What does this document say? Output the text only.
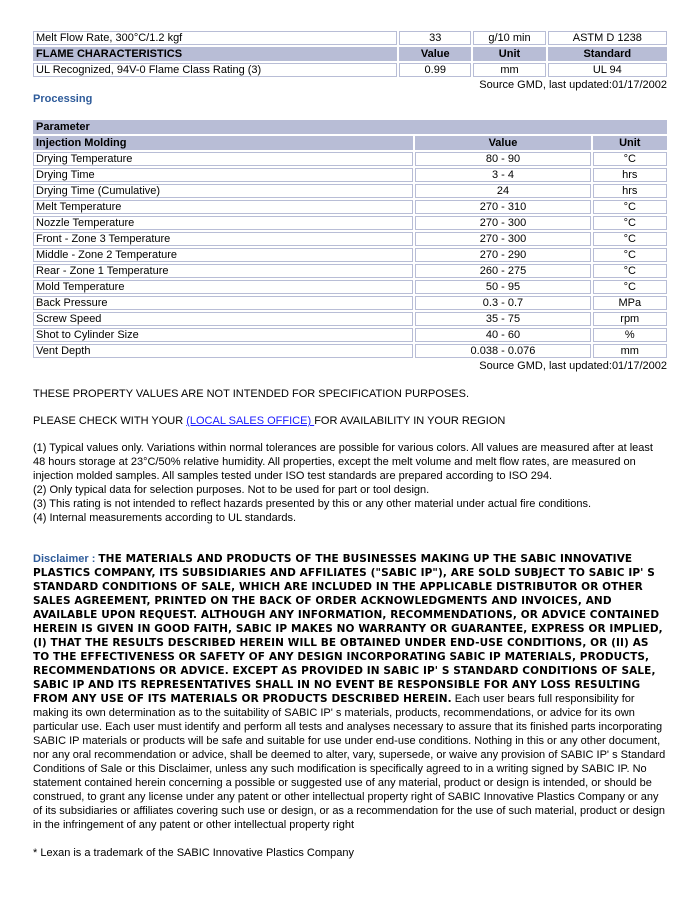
Melt Flow Rate, 300°C/1.2 kgf	33	g/10 min	ASTM D 1238
FLAME CHARACTERISTICS	Value	Unit	Standard
UL Recognized, 94V-0 Flame Class Rating (3)	0.99	mm	UL 94
Source GMD, last updated:01/17/2002
Processing
Parameter		
Injection Molding	Value	Unit
Drying Temperature	80 - 90	°C
Drying Time	3 - 4	hrs
Drying Time (Cumulative)	24	hrs
Melt Temperature	270 - 310	°C
Nozzle Temperature	270 - 300	°C
Front - Zone 3 Temperature	270 - 300	°C
Middle - Zone 2 Temperature	270 - 290	°C
Rear - Zone 1 Temperature	260 - 275	°C
Mold Temperature	50 - 95	°C
Back Pressure	0.3 - 0.7	MPa
Screw Speed	35 - 75	rpm
Shot to Cylinder Size	40 - 60	%
Vent Depth	0.038 - 0.076	mm
Source GMD, last updated:01/17/2002
THESE PROPERTY VALUES ARE NOT INTENDED FOR SPECIFICATION PURPOSES.
PLEASE CHECK WITH YOUR (LOCAL SALES OFFICE) FOR AVAILABILITY IN YOUR REGION
(1) Typical values only. Variations within normal tolerances are possible for various colors. All values are measured after at least 48 hours storage at 23°C/50% relative humidity. All properties, except the melt volume and melt flow rates, are measured on injection molded samples. All samples tested under ISO test standards are prepared according to ISO 294.
(2) Only typical data for selection purposes. Not to be used for part or tool design.
(3) This rating is not intended to reflect hazards presented by this or any other material under actual fire conditions.
(4) Internal measurements according to UL standards.
Disclaimer : THE MATERIALS AND PRODUCTS OF THE BUSINESSES MAKING UP THE SABIC INNOVATIVE PLASTICS COMPANY, ITS SUBSIDIARIES AND AFFILIATES ("SABIC IP"), ARE SOLD SUBJECT TO SABIC IP' S STANDARD CONDITIONS OF SALE, WHICH ARE INCLUDED IN THE APPLICABLE DISTRIBUTOR OR OTHER SALES AGREEMENT, PRINTED ON THE BACK OF ORDER ACKNOWLEDGMENTS AND INVOICES, AND AVAILABLE UPON REQUEST. ALTHOUGH ANY INFORMATION, RECOMMENDATIONS, OR ADVICE CONTAINED HEREIN IS GIVEN IN GOOD FAITH, SABIC IP MAKES NO WARRANTY OR GUARANTEE, EXPRESS OR IMPLIED, (I) THAT THE RESULTS DESCRIBED HEREIN WILL BE OBTAINED UNDER END-USE CONDITIONS, OR (II) AS TO THE EFFECTIVENESS OR SAFETY OF ANY DESIGN INCORPORATING SABIC IP MATERIALS, PRODUCTS, RECOMMENDATIONS OR ADVICE. EXCEPT AS PROVIDED IN SABIC IP' S STANDARD CONDITIONS OF SALE, SABIC IP AND ITS REPRESENTATIVES SHALL IN NO EVENT BE RESPONSIBLE FOR ANY LOSS RESULTING FROM ANY USE OF ITS MATERIALS OR PRODUCTS DESCRIBED HEREIN. Each user bears full responsibility for making its own determination as to the suitability of SABIC IP' s materials, products, recommendations, or advice for its own particular use. Each user must identify and perform all tests and analyses necessary to assure that its finished parts incorporating SABIC IP materials or products will be safe and suitable for use under end-use conditions. Nothing in this or any other document, nor any oral recommendation or advice, shall be deemed to alter, vary, supersede, or waive any provision of SABIC IP' s Standard Conditions of Sale or this Disclaimer, unless any such modification is specifically agreed to in a writing signed by SABIC IP. No statement contained herein concerning a possible or suggested use of any material, product or design is intended, or should be construed, to grant any license under any patent or other intellectual property right of SABIC Innovative Plastics Company or any of its subsidiaries or affiliates covering such use or design, or as a recommendation for the use of such material, product or design in the infringement of any patent or other intellectual property right
* Lexan is a trademark of the SABIC Innovative Plastics Company
